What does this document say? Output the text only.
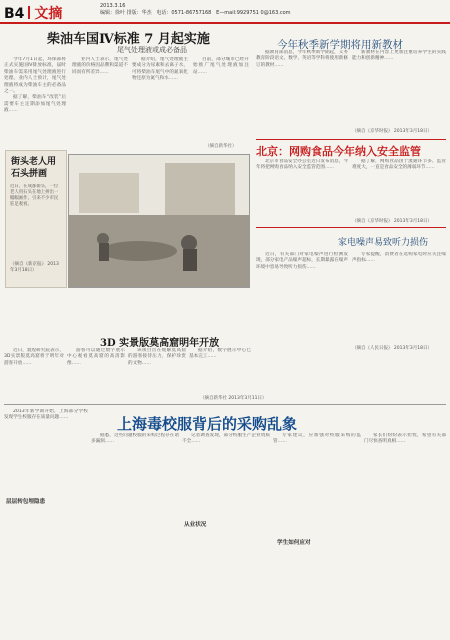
B4 文摘	2013.3.16
编辑：徐叶 排版：华杰 电话：0571-86757168 E—mail:9929751 0@163.com
柴油车国Ⅳ标准 7 月起实施
尾气处理液或成必备品

今年7月1日起，环保部将正式实施国Ⅳ排放标准，届时柴油车需采用尾气处理液进行处理。业内人士预计，尾气处理液将成为柴油车主的必备品之一。

据了解，柴油车“改装”后需要车主定期添加尾气处理液……

业内人士表示，尾气处理液的价格因品牌和渠道不同而有所差异……

据介绍，尾气处理液主要成分为尿素和去离子水，可将柴油车尾气中的氮氧化物还原为氮气和水……

目前，部分城市已经开始推广尾气处理液加注站……

（摘自新华社）
街头老人用石头拼画
近日，在成都街头，一位老人用石头在地上拼出一幅幅画作，引来不少市民驻足观看。
（摘自《新京报》 2013年3月18日）
今年秋季新学期将用新教材

据教育部消息，今年秋季新学期起，义务教育阶段语文、数学、英语等学科将使用新修订的教材……

新教材在内容上更加注重培养学生的实践能力和创新精神……

（摘自《京华时报》 2013年3月18日）
北京：网购食品今年纳入安全监管

北京市食品安全办公室近日发布消息，今年将把网购食品纳入安全监管范围……

据了解，网购食品由于流通环节多、监管难度大，一直是食品安全的薄弱环节……

（摘自《京华时报》 2013年3月18日）
家电噪声易致听力损伤

近日，有关部门对家电噪声进行检测发现，部分家电产品噪声超标，长期暴露在噪声环境中容易导致听力损伤……

专家提醒，消费者在选购家电时应关注噪声指标……

（摘自《人民日报》 2013年3月18日）
3D 实景版莫高窟明年开放

近日，敦煌研究院表示，3D实景版莫高窟将于明年对游客开放……

游客可以通过数字展示中心观看莫高窟的高清影像……

该项目旨在缓解莫高窟的游客接待压力，保护珍贵的文物……

据介绍，数字展示中心已基本完工……

（摘自新华社 2013年3月11日）
上海毒校服背后的采购乱象

2013年新学期开始，上海部分学校发现学生校服存在质量问题……

据悉，这些问题校服的采购过程存在诸多漏洞……

记者调查发现，部分校服生产企业资质不全……

专家建议，应加强对校服采购的监管……

家长们纷纷表示担忧，希望有关部门尽快查明真相……

层层转包埋隐患
从业状况
学生如何应对
